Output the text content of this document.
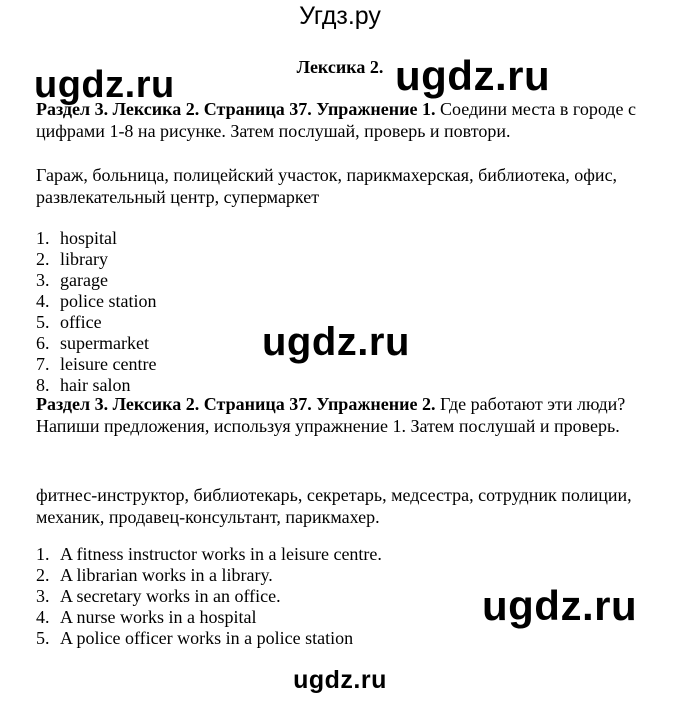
Угдз.ру
Лексика 2.
ugdz.ru	ugdz.ru
ugdz.ru
ugdz.ru
ugdz.ru
Раздел 3. Лексика 2. Страница 37. Упражнение 1. Соедини места в городе с цифрами 1-8 на рисунке. Затем послушай, проверь и повтори.
Гараж, больница, полицейский участок, парикмахерская, библиотека, офис, развлекательный центр, супермаркет
1. hospital
2. library
3. garage
4. police station
5. office
6. supermarket
7. leisure centre
8. hair salon
Раздел 3. Лексика 2. Страница 37. Упражнение 2. Где работают эти люди? Напиши предложения, используя упражнение 1. Затем послушай и проверь.
фитнес-инструктор, библиотекарь, секретарь, медсестра, сотрудник полиции, механик, продавец-консультант, парикмахер.
1. A fitness instructor works in a leisure centre.
2. A librarian works in a library.
3. A secretary works in an office.
4. A nurse works in a hospital
5. A police officer works in a police station
